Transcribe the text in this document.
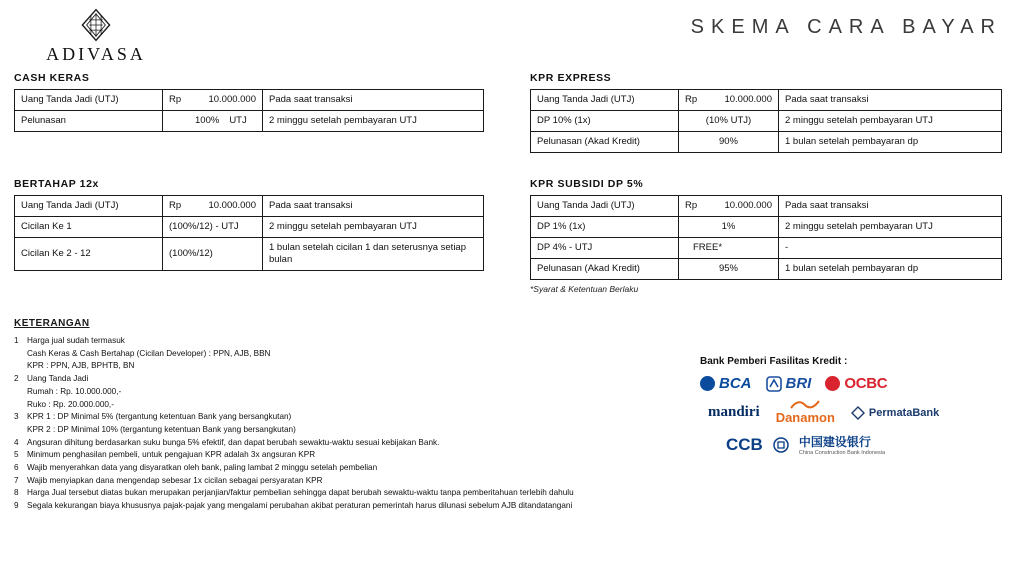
ADIVASA
SKEMA CARA BAYAR
CASH KERAS
Uang Tanda Jadi (UTJ)	Rp 10.000.000	Pada saat transaksi
Pelunasan	100% UTJ	2 minggu setelah pembayaran UTJ
KPR EXPRESS
Uang Tanda Jadi (UTJ)	Rp 10.000.000	Pada saat transaksi
DP 10% (1x)	(10% UTJ)	2 minggu setelah pembayaran UTJ
Pelunasan (Akad Kredit)	90%	1 bulan setelah pembayaran dp
BERTAHAP 12x
Uang Tanda Jadi (UTJ)	Rp 10.000.000	Pada saat transaksi
Cicilan Ke 1	(100%/12) - UTJ	2 minggu setelah pembayaran UTJ
Cicilan Ke 2 - 12	(100%/12)	1 bulan setelah cicilan 1 dan seterusnya setiap bulan
KPR SUBSIDI DP 5%
Uang Tanda Jadi (UTJ)	Rp 10.000.000	Pada saat transaksi
DP 1% (1x)	1%	2 minggu setelah pembayaran UTJ
DP 4% - UTJ	FREE*	-
Pelunasan (Akad Kredit)	95%	1 bulan setelah pembayaran dp
*Syarat & Ketentuan Berlaku
KETERANGAN
1	Harga jual sudah termasuk
Cash Keras & Cash Bertahap (Cicilan Developer) : PPN, AJB, BBN
KPR : PPN, AJB, BPHTB, BN
2	Uang Tanda Jadi
Rumah : Rp. 10.000.000,-
Ruko : Rp. 20.000.000,-
3	KPR 1 : DP Minimal 5% (tergantung ketentuan Bank yang bersangkutan)
KPR 2 : DP Minimal 10% (tergantung ketentuan Bank yang bersangkutan)
4	Angsuran dihitung berdasarkan suku bunga 5% efektif, dan dapat berubah sewaktu-waktu sesuai kebijakan Bank.
5	Minimum penghasilan pembeli, untuk pengajuan KPR adalah 3x angsuran KPR
6	Wajib menyerahkan data yang disyaratkan oleh bank, paling lambat 2 minggu setelah pembelian
7	Wajib menyiapkan dana mengendap sebesar 1x cicilan sebagai persyaratan KPR
8	Harga Jual tersebut diatas bukan merupakan perjanjian/faktur pembelian sehingga dapat berubah sewaktu-waktu tanpa pemberitahuan terlebih dahulu
9	Segala kekurangan biaya khususnya pajak-pajak yang mengalami perubahan akibat peraturan pemerintah harus dilunasi sebelum AJB ditandatangani
Bank Pemberi Fasilitas Kredit :
BCA BRI OCBC
mandiri Danamon	PermataBank
CCB	中国建设银行
China Construction Bank Indonesia
